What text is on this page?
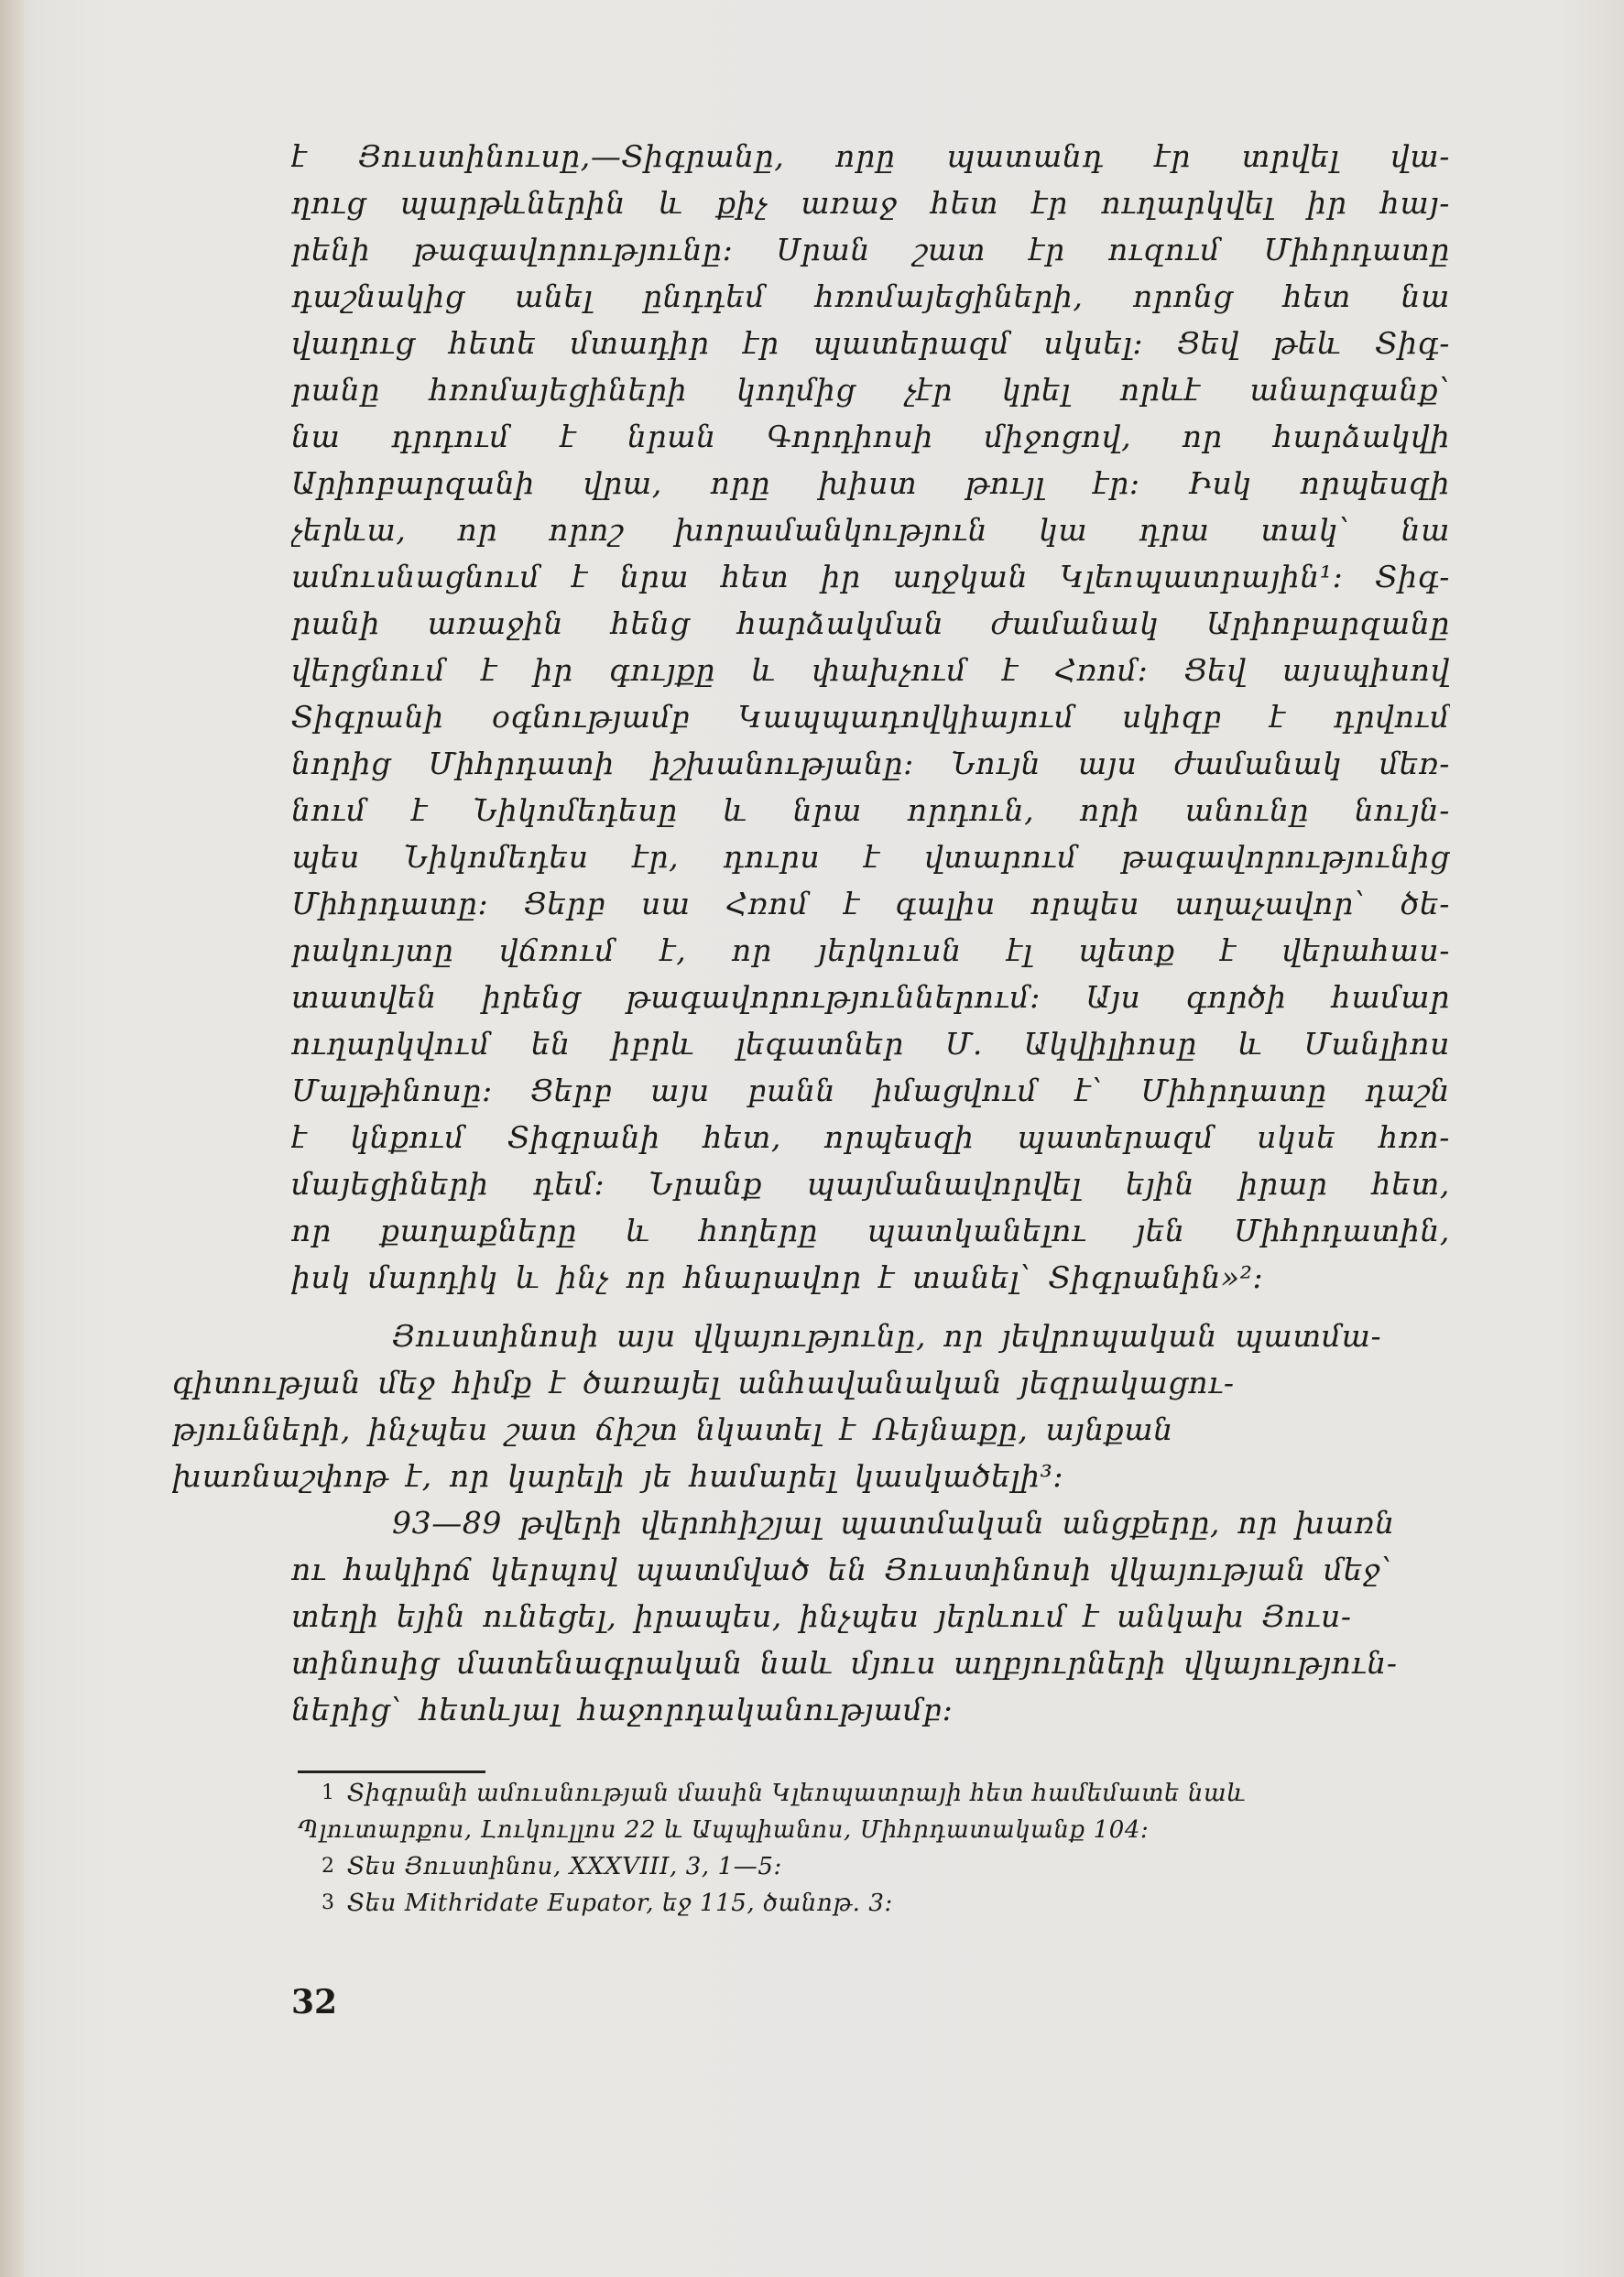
է Յուստինուսը,—Տիգրանը, որը պատանդ էր տրվել վա-
ղուց պարթևներին և քիչ առաջ հետ էր ուղարկվել իր հայ-
րենի թագավորությունը։ Սրան շատ էր ուզում Միհրդատը
դաշնակից անել ընդդեմ հռոմայեցիների, որոնց հետ նա
վաղուց հետե մտադիր էր պատերազմ սկսել։ Ցեվ թեև Տիգ-
րանը հռոմայեցիների կողմից չէր կրել որևէ անարգանք՝
նա դրդում է նրան Գորդիոսի միջոցով, որ հարձակվի
Արիոբարզանի վրա, որը խիստ թույլ էր։ Իսկ որպեսզի
չերևա, որ որոշ խորամանկություն կա դրա տակ՝ նա
ամուսնացնում է նրա հետ իր աղջկան Կլեոպատրային¹։ Տիգ-
րանի առաջին հենց հարձակման ժամանակ Արիոբարզանը
վերցնում է իր գույքը և փախչում է Հռոմ։ Ցեվ այսպիսով
Տիգրանի օգնությամբ Կապպադովկիայում սկիզբ է դրվում
նորից Միհրդատի իշխանությանը։ Նույն այս ժամանակ մեռ-
նում է Նիկոմեդեսը և նրա որդուն, որի անունը նույն-
պես Նիկոմեդես էր, դուրս է վտարում թագավորությունից
Միհրդատը։ Ցերբ սա Հռոմ է գալիս որպես աղաչավոր՝ ծե-
րակույտը վճռում է, որ յերկուսն էլ պետք է վերահաս-
տատվեն իրենց թագավորություններում։ Այս գործի համար
ուղարկվում են իբրև լեգատներ Մ. Ակվիլիոսը և Մանլիոս
Մալթինոսը։ Ցերբ այս բանն իմացվում է՝ Միհրդատը դաշն
է կնքում Տիգրանի հետ, որպեսզի պատերազմ սկսե հռո-
մայեցիների դեմ։ Նրանք պայմանավորվել եյին իրար հետ,
որ քաղաքները և հողերը պատկանելու յեն Միհրդատին,
իսկ մարդիկ և ինչ որ հնարավոր է տանել՝ Տիգրանին»²։
Յուստինոսի այս վկայությունը, որ յեվրոպական պատմա-
գիտության մեջ հիմք է ծառայել անհավանական յեզրակացու-
թյունների, ինչպես շատ ճիշտ նկատել է Ռեյնաքը, այնքան
խառնաշփոթ է, որ կարելի յե համարել կասկածելի³։
93—89 թվերի վերոհիշյալ պատմական անցքերը, որ խառն
ու հակիրճ կերպով պատմված են Յուստինոսի վկայության մեջ՝
տեղի եյին ունեցել, իրապես, ինչպես յերևում է անկախ Յուս-
տինոսից մատենագրական նաև մյուս աղբյուրների վկայություն-
ներից՝ հետևյալ հաջորդականությամբ։
1 Տիգրանի ամուսնության մասին Կլեոպատրայի հետ համեմատե նաև
Պլուտարքոս, Լուկուլլոս 22 և Ապպիանոս, Միհրդատականք 104։
2 Տես Յուստինոս, XXXVIII, 3, 1—5:
3 Տես Mithridate Eupator, եջ 115, ծանոթ. 3։
32
